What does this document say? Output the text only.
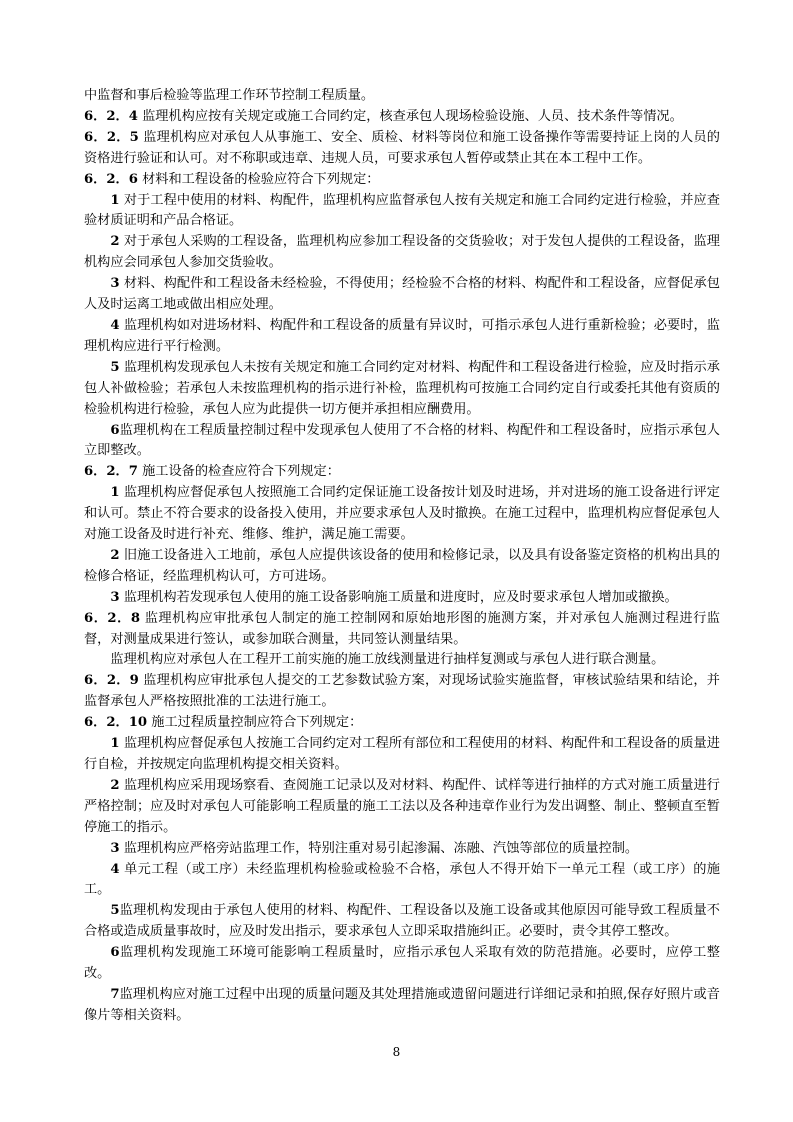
中监督和事后检验等监理工作环节控制工程质量。

6．2．4 监理机构应按有关规定或施工合同约定，核查承包人现场检验设施、人员、技术条件等情况。

6．2．5 监理机构应对承包人从事施工、安全、质检、材料等岗位和施工设备操作等需要持证上岗的人员的资格进行验证和认可。对不称职或违章、违规人员，可要求承包人暂停或禁止其在本工程中工作。

6．2．6 材料和工程设备的检验应符合下列规定：

1 对于工程中使用的材料、构配件，监理机构应监督承包人按有关规定和施工合同约定进行检验，并应查验材质证明和产品合格证。

2 对于承包人采购的工程设备，监理机构应参加工程设备的交货验收；对于发包人提供的工程设备，监理机构应会同承包人参加交货验收。

3 材料、构配件和工程设备未经检验，不得使用；经检验不合格的材料、构配件和工程设备，应督促承包人及时运离工地或做出相应处理。

4 监理机构如对进场材料、构配件和工程设备的质量有异议时，可指示承包人进行重新检验；必要时，监理机构应进行平行检测。

5 监理机构发现承包人未按有关规定和施工合同约定对材料、构配件和工程设备进行检验，应及时指示承包人补做检验；若承包人未按监理机构的指示进行补检，监理机构可按施工合同约定自行或委托其他有资质的检验机构进行检验，承包人应为此提供一切方便并承担相应酬费用。

6监理机构在工程质量控制过程中发现承包人使用了不合格的材料、构配件和工程设备时，应指示承包人立即整改。

6．2．7 施工设备的检查应符合下列规定：

1 监理机构应督促承包人按照施工合同约定保证施工设备按计划及时进场，并对进场的施工设备进行评定和认可。禁止不符合要求的设备投入使用，并应要求承包人及时撤换。在施工过程中，监理机构应督促承包人对施工设备及时进行补充、维修、维护，满足施工需要。

2 旧施工设备进入工地前，承包人应提供该设备的使用和检修记录，以及具有设备鉴定资格的机构出具的检修合格证，经监理机构认可，方可进场。

3 监理机构若发现承包人使用的施工设备影响施工质量和进度时，应及时要求承包人增加或撤换。

6．2．8 监理机构应审批承包人制定的施工控制网和原始地形图的施测方案，并对承包人施测过程进行监督，对测量成果进行签认，或参加联合测量，共同签认测量结果。

监理机构应对承包人在工程开工前实施的施工放线测量进行抽样复测或与承包人进行联合测量。

6．2．9 监理机构应审批承包人提交的工艺参数试验方案，对现场试验实施监督，审核试验结果和结论，并监督承包人严格按照批准的工法进行施工。

6．2．10 施工过程质量控制应符合下列规定：

1 监理机构应督促承包人按施工合同约定对工程所有部位和工程使用的材料、构配件和工程设备的质量进行自检，并按规定向监理机构提交相关资料。

2 监理机构应采用现场察看、查阅施工记录以及对材料、构配件、试样等进行抽样的方式对施工质量进行严格控制；应及时对承包人可能影响工程质量的施工工法以及各种违章作业行为发出调整、制止、整顿直至暂停施工的指示。

3 监理机构应严格旁站监理工作，特别注重对易引起渗漏、冻融、汽蚀等部位的质量控制。

4 单元工程（或工序）未经监理机构检验或检验不合格，承包人不得开始下一单元工程（或工序）的施工。

5监理机构发现由于承包人使用的材料、构配件、工程设备以及施工设备或其他原因可能导致工程质量不合格或造成质量事故时，应及时发出指示，要求承包人立即采取措施纠正。必要时，责令其停工整改。

6监理机构发现施工环境可能影响工程质量时，应指示承包人采取有效的防范措施。必要时，应停工整改。

7监理机构应对施工过程中出现的质量问题及其处理措施或遗留问题进行详细记录和拍照,保存好照片或音像片等相关资料。

8
